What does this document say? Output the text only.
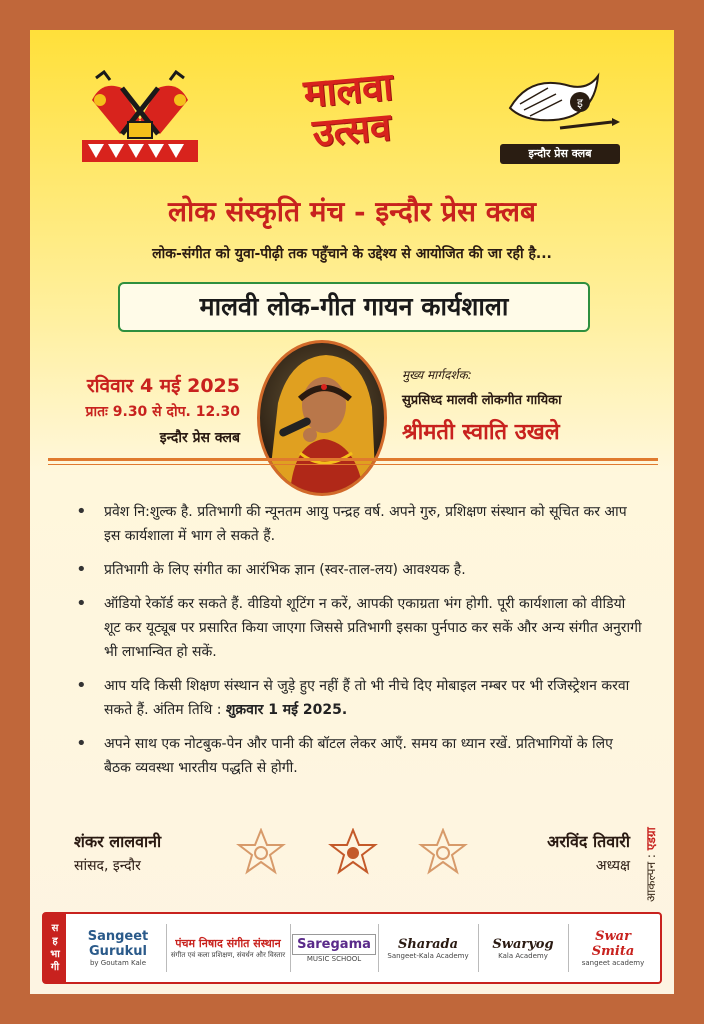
मालवा
उत्सव
इ
इन्दौर प्रेस क्लब
लोक संस्कृति मंच - इन्दौर प्रेस क्लब
लोक-संगीत को युवा-पीढ़ी तक पहुँचाने के उद्देश्य से आयोजित की जा रही है...
मालवी लोक-गीत गायन कार्यशाला
रविवार 4 मई 2025
प्रातः 9.30 से दोप. 12.30
इन्दौर प्रेस क्लब
मुख्य मार्गदर्शक:
सुप्रसिध्द मालवी लोकगीत गायिका
श्रीमती स्वाति उखले
• प्रवेश नि:शुल्क है. प्रतिभागी की न्यूनतम आयु पन्द्रह वर्ष. अपने गुरु, प्रशिक्षण संस्थान को सूचित कर आप इस कार्यशाला में भाग ले सकते हैं.
• प्रतिभागी के लिए संगीत का आरंभिक ज्ञान (स्वर-ताल-लय) आवश्यक है.
• ऑडियो रेकॉर्ड कर सकते हैं. वीडियो शूटिंग न करें, आपकी एकाग्रता भंग होगी. पूरी कार्यशाला को वीडियो शूट कर यूट्यूब पर प्रसारित किया जाएगा जिससे प्रतिभागी इसका पुर्नपाठ कर सकें और अन्य संगीत अनुरागी भी लाभान्वित हो सकें.
• आप यदि किसी शिक्षण संस्थान से जुड़े हुए नहीं हैं तो भी नीचे दिए मोबाइल नम्बर पर भी रजिस्ट्रेशन करवा सकते हैं. अंतिम तिथि : शुक्रवार 1 मई 2025.
• अपने साथ एक नोटबुक-पेन और पानी की बॉटल लेकर आएँ. समय का ध्यान रखें. प्रतिभागियों के लिए बैठक व्यवस्था भारतीय पद्धति से होगी.
शंकर लालवानी
सांसद, इन्दौर
अरविंद तिवारी
अध्यक्ष आकल्पन : एडग्रा
स
ह
भा
गी
Sangeet Gurukul
by Goutam Kale
पंचम निषाद संगीत संस्थान
संगीत एवं कला प्रशिक्षण, संवर्धन और विस्तार
Saregama
MUSIC SCHOOL
Sharada
Sangeet-Kala Academy
Swaryog
Kala Academy
Swar Smita
sangeet academy
